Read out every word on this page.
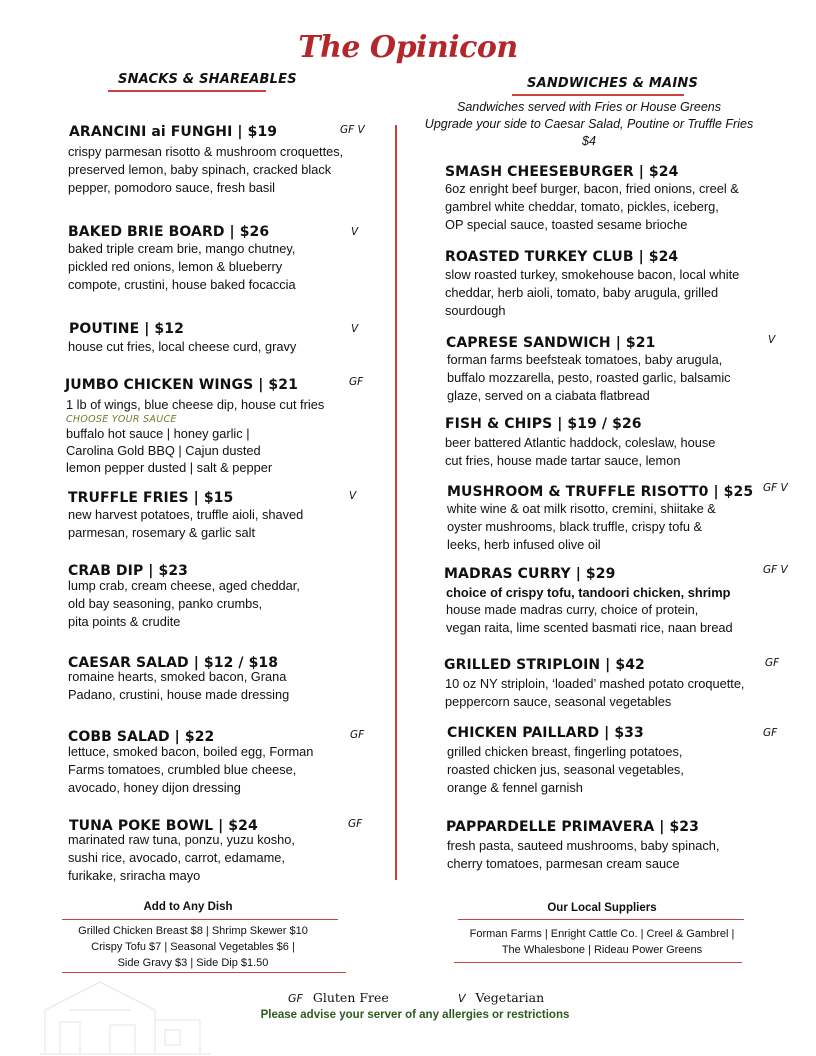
The Opinicon
SNACKS & SHAREABLES	SANDWICHES & MAINS
Sandwiches served with Fries or House Greens
Upgrade your side to Caesar Salad, Poutine or Truffle Fries
$4
ARANCINI ai FUNGHI | $19	GF V
crispy parmesan risotto & mushroom croquettes,
preserved lemon, baby spinach, cracked black
pepper, pomodoro sauce, fresh basil
BAKED BRIE BOARD | $26	V
baked triple cream brie, mango chutney,
pickled red onions, lemon & blueberry
compote, crustini, house baked focaccia
POUTINE | $12	V
house cut fries, local cheese curd, gravy
JUMBO CHICKEN WINGS | $21	GF
1 lb of wings, blue cheese dip, house cut fries
CHOOSE YOUR SAUCE
buffalo hot sauce | honey garlic |
Carolina Gold BBQ | Cajun dusted
lemon pepper dusted | salt & pepper
TRUFFLE FRIES | $15	V
new harvest potatoes, truffle aioli, shaved
parmesan, rosemary & garlic salt
CRAB DIP | $23
lump crab, cream cheese, aged cheddar,
old bay seasoning, panko crumbs,
pita points & crudite
CAESAR SALAD | $12 / $18
romaine hearts, smoked bacon, Grana
Padano, crustini, house made dressing
COBB SALAD | $22	GF
lettuce, smoked bacon, boiled egg, Forman
Farms tomatoes, crumbled blue cheese,
avocado, honey dijon dressing
TUNA POKE BOWL | $24	GF
marinated raw tuna, ponzu, yuzu kosho,
sushi rice, avocado, carrot, edamame,
furikake, sriracha mayo
SMASH CHEESEBURGER | $24
6oz enright beef burger, bacon, fried onions, creel &
gambrel white cheddar, tomato, pickles, iceberg,
OP special sauce, toasted sesame brioche
ROASTED TURKEY CLUB | $24
slow roasted turkey, smokehouse bacon, local white
cheddar, herb aioli, tomato, baby arugula, grilled
sourdough
CAPRESE SANDWICH | $21	V
forman farms beefsteak tomatoes, baby arugula,
buffalo mozzarella, pesto, roasted garlic, balsamic
glaze, served on a ciabata flatbread
FISH & CHIPS | $19 / $26
beer battered Atlantic haddock, coleslaw, house
cut fries, house made tartar sauce, lemon
MUSHROOM & TRUFFLE RISOTT0 | $25 GF V
white wine & oat milk risotto, cremini, shiitake &
oyster mushrooms, black truffle, crispy tofu &
leeks, herb infused olive oil
MADRAS CURRY | $29	GF V
choice of crispy tofu, tandoori chicken, shrimp
house made madras curry, choice of protein,
vegan raita, lime scented basmati rice, naan bread
GRILLED STRIPLOIN | $42	GF
10 oz NY striploin, ‘loaded’ mashed potato croquette,
peppercorn sauce, seasonal vegetables
CHICKEN PAILLARD | $33	GF
grilled chicken breast, fingerling potatoes,
roasted chicken jus, seasonal vegetables,
orange & fennel garnish
PAPPARDELLE PRIMAVERA | $23
fresh pasta, sauteed mushrooms, baby spinach,
cherry tomatoes, parmesan cream sauce
Add to Any Dish
Grilled Chicken Breast $8 | Shrimp Skewer $10
Crispy Tofu $7 | Seasonal Vegetables $6 |
Side Gravy $3 | Side Dip $1.50
Our Local Suppliers
Forman Farms | Enright Cattle Co. | Creel & Gambrel |
The Whalesbone | Rideau Power Greens
GF Gluten Free	V Vegetarian
Please advise your server of any allergies or restrictions
